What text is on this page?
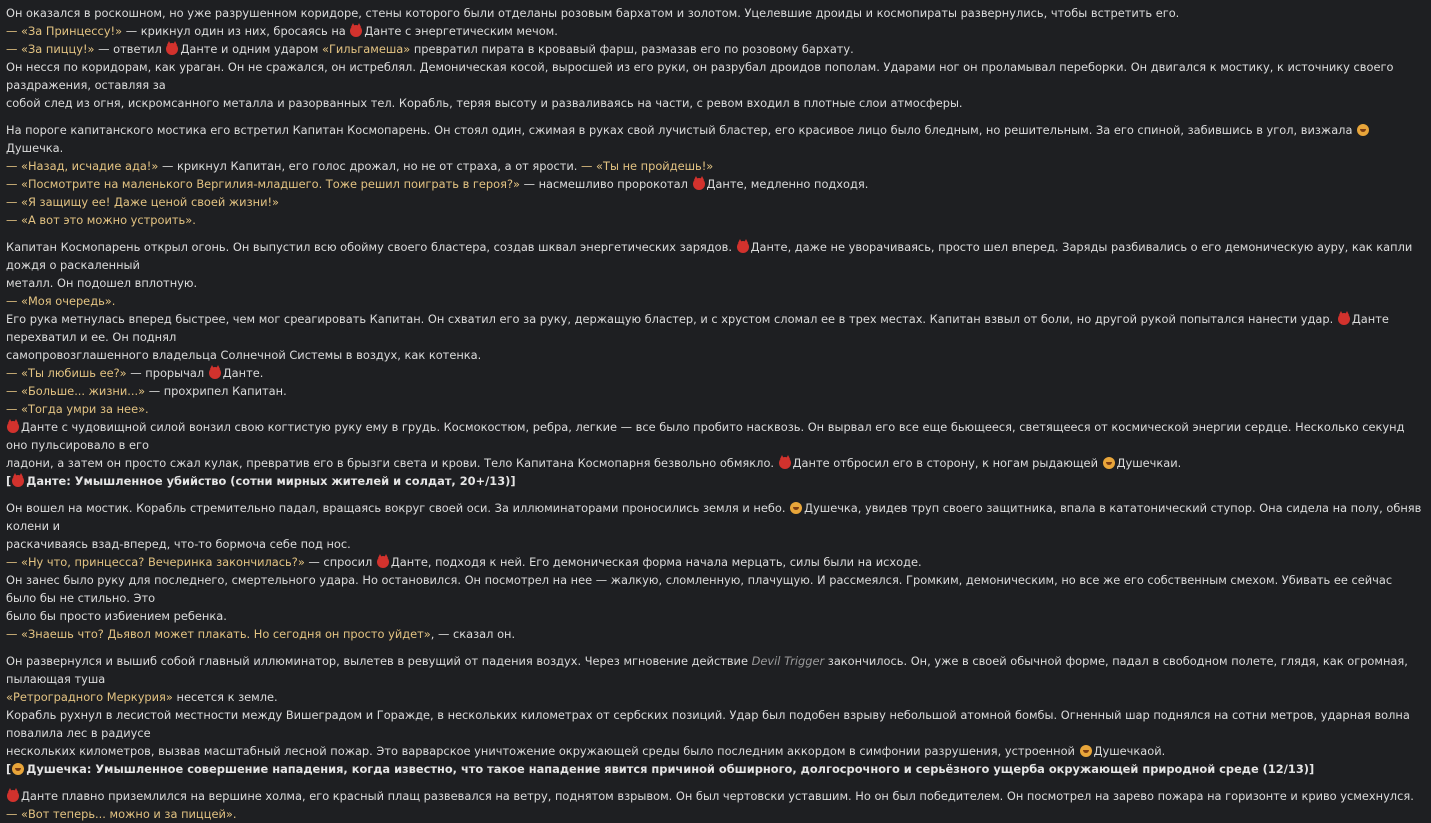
Он оказался в роскошном, но уже разрушенном коридоре, стены которого были отделаны розовым бархатом и золотом. Уцелевшие дроиды и космопираты развернулись, чтобы встретить его.
— «За Принцессу!» — крикнул один из них, бросаясь на Данте с энергетическим мечом.
— «За пиццу!» — ответил Данте и одним ударом «Гильгамеша» превратил пирата в кровавый фарш, размазав его по розовому бархату.
Он несся по коридорам, как ураган. Он не сражался, он истреблял. Демоническая косой, выросшей из его руки, он разрубал дроидов пополам. Ударами ног он проламывал переборки. Он двигался к мостику, к источнику своего раздражения, оставляя за
собой след из огня, искромсанного металла и разорванных тел. Корабль, теряя высоту и разваливаясь на части, с ревом входил в плотные слои атмосферы.
На пороге капитанского мостика его встретил Капитан Космопарень. Он стоял один, сжимая в руках свой лучистый бластер, его красивое лицо было бледным, но решительным. За его спиной, забившись в угол, визжала Душечка.
— «Назад, исчадие ада!» — крикнул Капитан, его голос дрожал, но не от страха, а от ярости. — «Ты не пройдешь!»
— «Посмотрите на маленького Вергилия-младшего. Тоже решил поиграть в героя?» — насмешливо пророкотал Данте, медленно подходя.
— «Я защищу ее! Даже ценой своей жизни!»
— «А вот это можно устроить».
Капитан Космопарень открыл огонь. Он выпустил всю обойму своего бластера, создав шквал энергетических зарядов. Данте, даже не уворачиваясь, просто шел вперед. Заряды разбивались о его демоническую ауру, как капли дождя о раскаленный
металл. Он подошел вплотную.
— «Моя очередь».
Его рука метнулась вперед быстрее, чем мог среагировать Капитан. Он схватил его за руку, держащую бластер, и с хрустом сломал ее в трех местах. Капитан взвыл от боли, но другой рукой попытался нанести удар. Данте перехватил и ее. Он поднял
самопровозглашенного владельца Солнечной Системы в воздух, как котенка.
— «Ты любишь ее?» — прорычал Данте.
— «Больше... жизни...» — прохрипел Капитан.
— «Тогда умри за нее».
Данте с чудовищной силой вонзил свою когтистую руку ему в грудь. Космокостюм, ребра, легкие — все было пробито насквозь. Он вырвал его все еще бьющееся, светящееся от космической энергии сердце. Несколько секунд оно пульсировало в его
ладони, а затем он просто сжал кулак, превратив его в брызги света и крови. Тело Капитана Космопарня безвольно обмякло. Данте отбросил его в сторону, к ногам рыдающей Душечкаи.
[ Данте: Умышленное убийство (сотни мирных жителей и солдат, 20+/13)]
Он вошел на мостик. Корабль стремительно падал, вращаясь вокруг своей оси. За иллюминаторами проносились земля и небо. Душечка, увидев труп своего защитника, впала в кататонический ступор. Она сидела на полу, обняв колени и
раскачиваясь взад-вперед, что-то бормоча себе под нос.
— «Ну что, принцесса? Вечеринка закончилась?» — спросил Данте, подходя к ней. Его демоническая форма начала мерцать, силы были на исходе.
Он занес было руку для последнего, смертельного удара. Но остановился. Он посмотрел на нее — жалкую, сломленную, плачущую. И рассмеялся. Громким, демоническим, но все же его собственным смехом. Убивать ее сейчас было бы не стильно. Это
было бы просто избиением ребенка.
— «Знаешь что? Дьявол может плакать. Но сегодня он просто уйдет», — сказал он.
Он развернулся и вышиб собой главный иллюминатор, вылетев в ревущий от падения воздух. Через мгновение действие Devil Trigger закончилось. Он, уже в своей обычной форме, падал в свободном полете, глядя, как огромная, пылающая туша
«Ретроградного Меркурия» несется к земле.
Корабль рухнул в лесистой местности между Вишеградом и Горажде, в нескольких километрах от сербских позиций. Удар был подобен взрыву небольшой атомной бомбы. Огненный шар поднялся на сотни метров, ударная волна повалила лес в радиусе
нескольких километров, вызвав масштабный лесной пожар. Это варварское уничтожение окружающей среды было последним аккордом в симфонии разрушения, устроенной Душечкаой.
[ Душечка: Умышленное совершение нападения, когда известно, что такое нападение явится причиной обширного, долгосрочного и серьёзного ущерба окружающей природной среде (12/13)]
Данте плавно приземлился на вершине холма, его красный плащ развевался на ветру, поднятом взрывом. Он был чертовски уставшим. Но он был победителем. Он посмотрел на зарево пожара на горизонте и криво усмехнулся.
— «Вот теперь... можно и за пиццей».
